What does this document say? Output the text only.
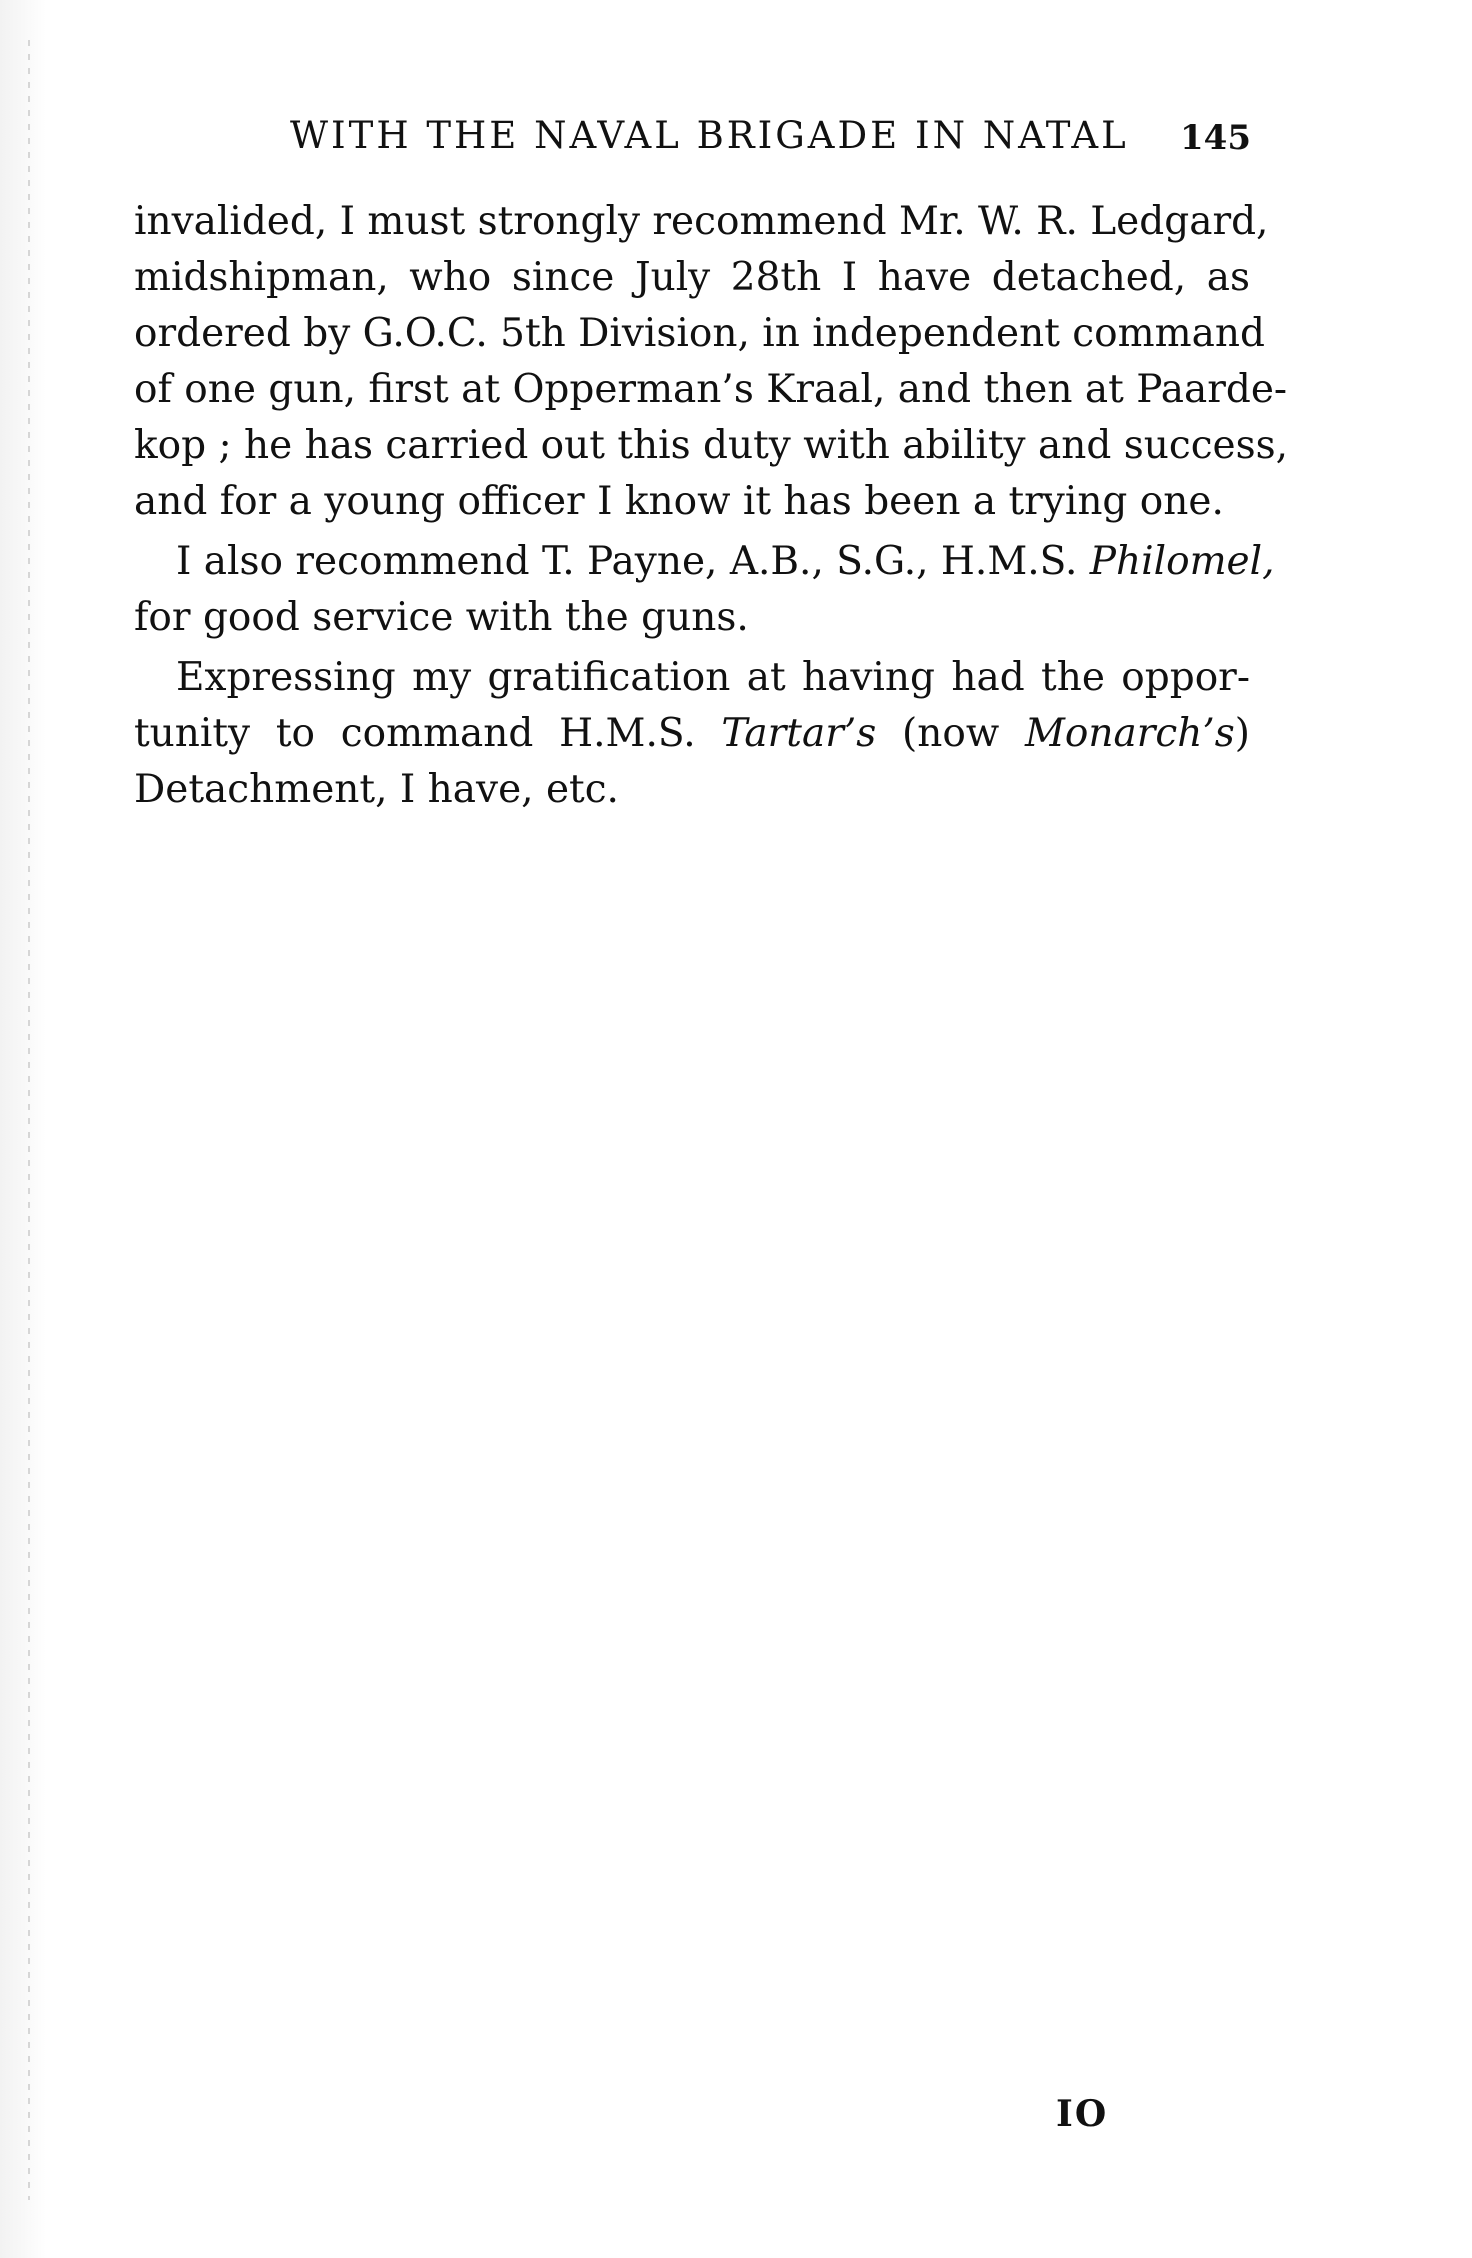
WITH THE NAVAL BRIGADE IN NATAL 145
invalided, I must strongly recommend Mr. W. R. Ledgard,
midshipman, who since July 28th I have detached, as
ordered by G.O.C. 5th Division, in independent command
of one gun, first at Opperman’s Kraal, and then at Paarde-
kop ; he has carried out this duty with ability and success,
and for a young officer I know it has been a trying one.
I also recommend T. Payne, A.B., S.G., H.M.S. Philomel,
for good service with the guns.
Expressing my gratification at having had the oppor-
tunity to command H.M.S. Tartar’s (now Monarch’s)
Detachment, I have, etc.
IO
